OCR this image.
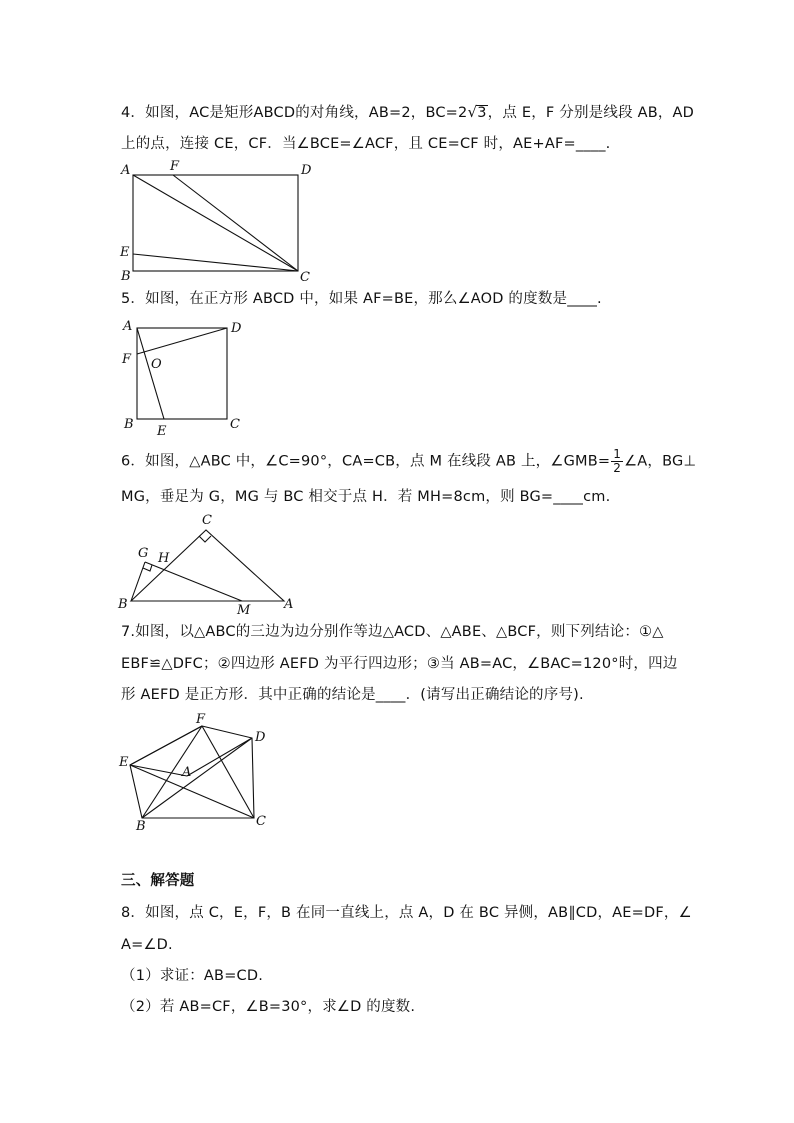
4．如图，AC是矩形ABCD的对角线，AB=2，BC=2√3，点 E，F 分别是线段 AB，AD
上的点，连接 CE，CF．当∠BCE=∠ACF，且 CE=CF 时，AE+AF=____.
A	F	D
E
B	C
5．如图，在正方形 ABCD 中，如果 AF=BE，那么∠AOD 的度数是____.
A	D
F O
B E	C
6．如图，△ABC 中，∠C=90°，CA=CB，点 M 在线段 AB 上，∠GMB= $\frac{1}{2}$ ∠A，BG⊥
MG，垂足为 G，MG 与 BC 相交于点 H．若 MH=8cm，则 BG=____cm.
C
G H
B	M	A
7.如图，以△ABC的三边为边分别作等边△ACD、△ABE、△BCF，则下列结论：①△
EBF≌△DFC；②四边形 AEFD 为平行四边形；③当 AB=AC，∠BAC=120°时，四边
形 AEFD 是正方形．其中正确的结论是____．(请写出正确结论的序号).
F
D
E
A
B	C
三、解答题
8．如图，点 C，E，F，B 在同一直线上，点 A，D 在 BC 异侧，AB∥CD，AE=DF，∠
A=∠D.
（1）求证：AB=CD.
（2）若 AB=CF，∠B=30°，求∠D 的度数.
